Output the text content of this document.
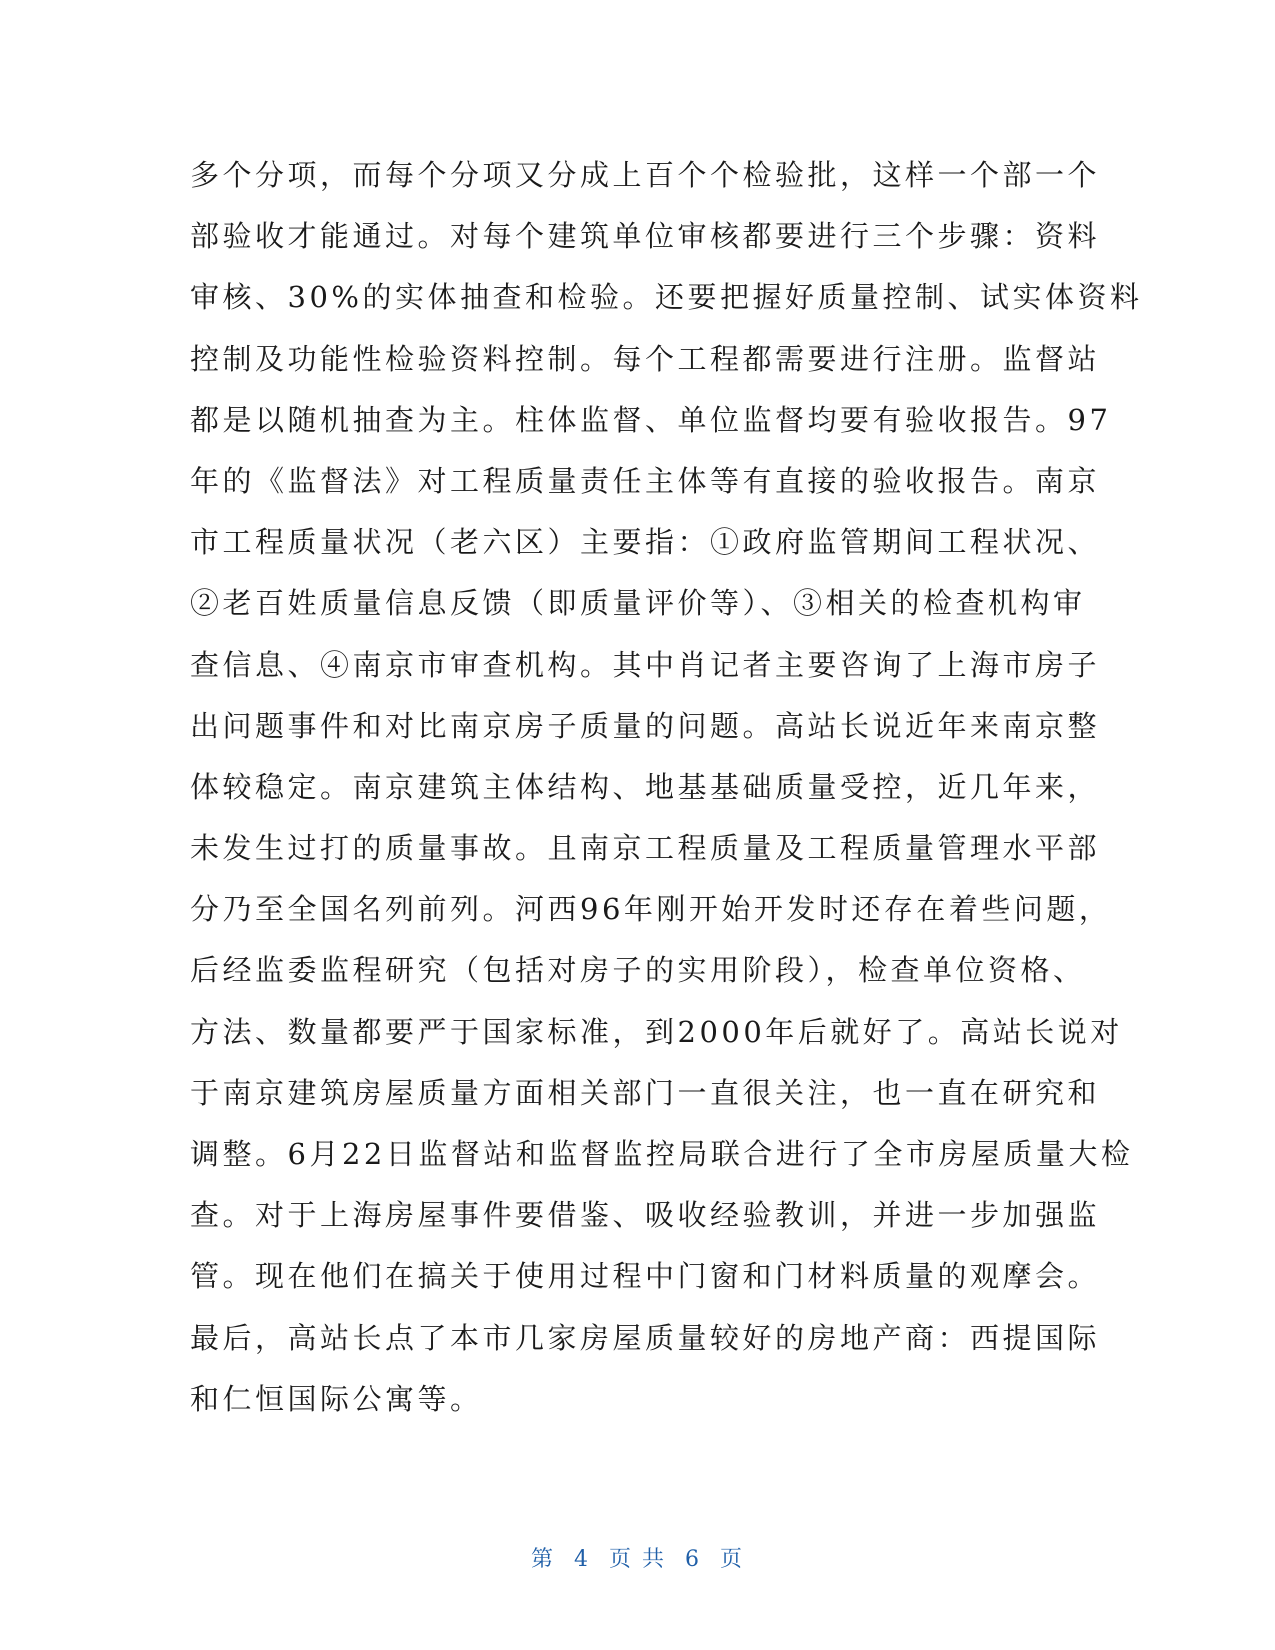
多个分项，而每个分项又分成上百个个检验批，这样一个部一个
部验收才能通过。对每个建筑单位审核都要进行三个步骤：资料
审核、30%的实体抽查和检验。还要把握好质量控制、试实体资料
控制及功能性检验资料控制。每个工程都需要进行注册。监督站
都是以随机抽查为主。柱体监督、单位监督均要有验收报告。97
年的《监督法》对工程质量责任主体等有直接的验收报告。南京
市工程质量状况（老六区）主要指：①政府监管期间工程状况、
②老百姓质量信息反馈（即质量评价等）、③相关的检查机构审
查信息、④南京市审查机构。其中肖记者主要咨询了上海市房子
出问题事件和对比南京房子质量的问题。高站长说近年来南京整
体较稳定。南京建筑主体结构、地基基础质量受控，近几年来，
未发生过打的质量事故。且南京工程质量及工程质量管理水平部
分乃至全国名列前列。河西96年刚开始开发时还存在着些问题，
后经监委监程研究（包括对房子的实用阶段），检查单位资格、
方法、数量都要严于国家标准，到2000年后就好了。高站长说对
于南京建筑房屋质量方面相关部门一直很关注，也一直在研究和
调整。6月22日监督站和监督监控局联合进行了全市房屋质量大检
查。对于上海房屋事件要借鉴、吸收经验教训，并进一步加强监
管。现在他们在搞关于使用过程中门窗和门材料质量的观摩会。
最后，高站长点了本市几家房屋质量较好的房地产商：西提国际
和仁恒国际公寓等。
第 4 页 共 6 页
